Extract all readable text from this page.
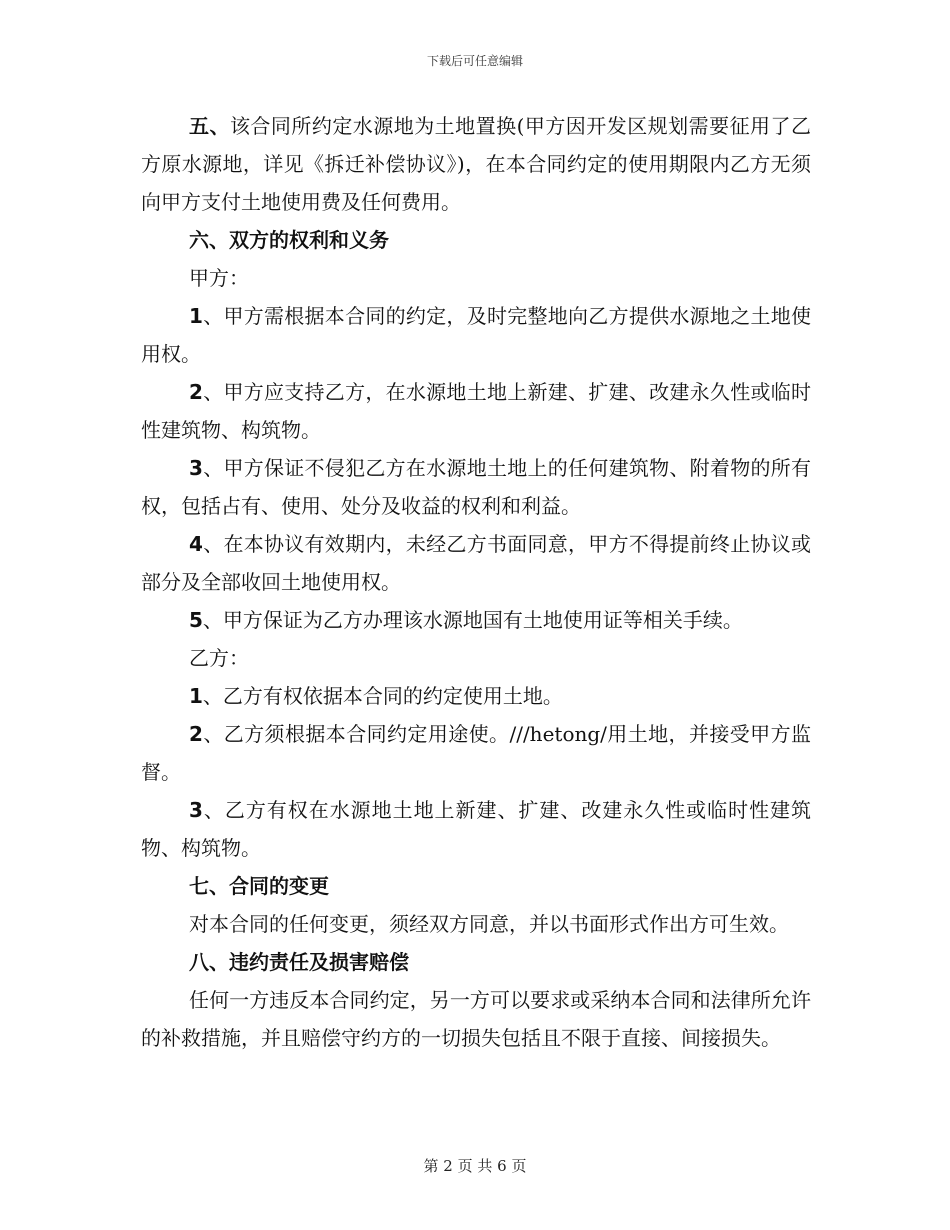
下载后可任意编辑

五、该合同所约定水源地为土地置换(甲方因开发区规划需要征用了乙方原水源地，详见《拆迁补偿协议》)，在本合同约定的使用期限内乙方无须向甲方支付土地使用费及任何费用。

六、双方的权利和义务

甲方：

1、甲方需根据本合同的约定，及时完整地向乙方提供水源地之土地使用权。

2、甲方应支持乙方，在水源地土地上新建、扩建、改建永久性或临时性建筑物、构筑物。

3、甲方保证不侵犯乙方在水源地土地上的任何建筑物、附着物的所有权，包括占有、使用、处分及收益的权利和利益。

4、在本协议有效期内，未经乙方书面同意，甲方不得提前终止协议或部分及全部收回土地使用权。

5、甲方保证为乙方办理该水源地国有土地使用证等相关手续。

乙方：

1、乙方有权依据本合同的约定使用土地。

2、乙方须根据本合同约定用途使。///hetong/用土地，并接受甲方监督。

3、乙方有权在水源地土地上新建、扩建、改建永久性或临时性建筑物、构筑物。

七、合同的变更

对本合同的任何变更，须经双方同意，并以书面形式作出方可生效。

八、违约责任及损害赔偿

任何一方违反本合同约定，另一方可以要求或采纳本合同和法律所允许的补救措施，并且赔偿守约方的一切损失包括且不限于直接、间接损失。

第 2 页 共 6 页
